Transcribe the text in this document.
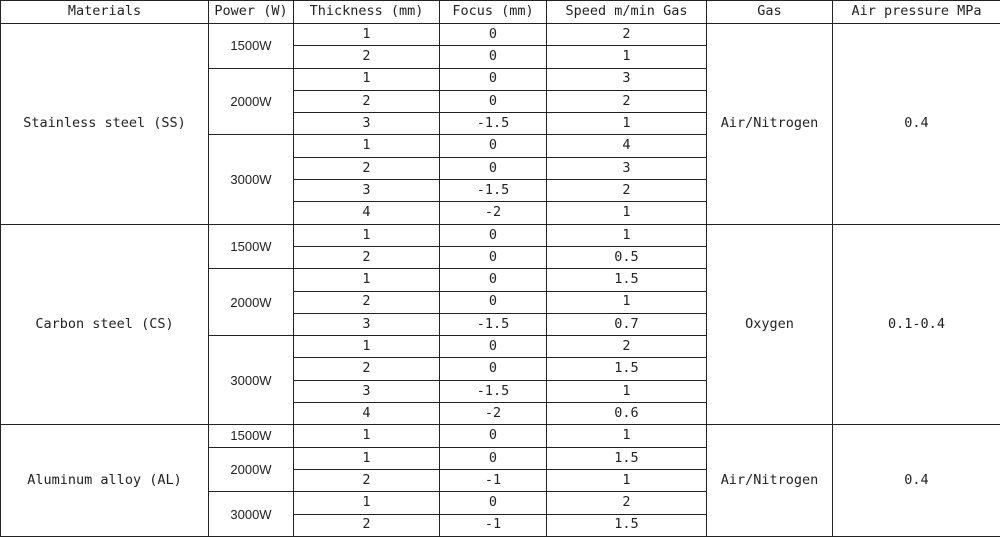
Materials	Power (W)	Thickness (mm)	Focus (mm)	Speed m/min Gas	Gas	Air pressure MPa
Stainless steel (SS)	1500W	1	0	2	Air/Nitrogen	0.4
		2	0	1		
	2000W	1	0	3		
		2	0	2		
		3	-1.5	1		
	3000W	1	0	4		
		2	0	3		
		3	-1.5	2		
		4	-2	1		
Carbon steel (CS)	1500W	1	0	1	Oxygen	0.1-0.4
		2	0	0.5		
	2000W	1	0	1.5		
		2	0	1		
		3	-1.5	0.7		
	3000W	1	0	2		
		2	0	1.5		
		3	-1.5	1		
		4	-2	0.6		
Aluminum alloy (AL)	1500W	1	0	1	Air/Nitrogen	0.4
	2000W	1	0	1.5		
		2	-1	1		
	3000W	1	0	2		
		2	-1	1.5		
